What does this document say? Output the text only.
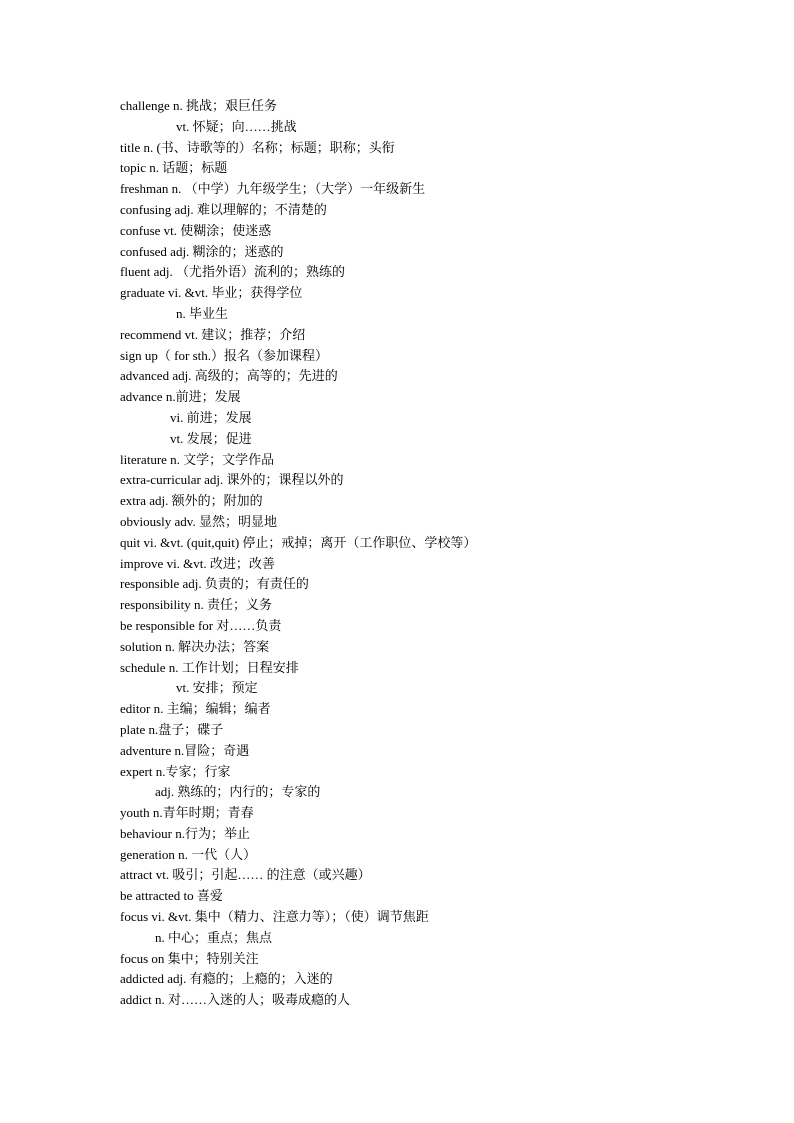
challenge n. 挑战；艰巨任务
vt. 怀疑；向……挑战
title n. (书、诗歌等的）名称；标题；职称；头衔
topic n. 话题；标题
freshman n. （中学）九年级学生；（大学）一年级新生
confusing adj. 难以理解的；不清楚的
confuse vt. 使糊涂；使迷惑
confused adj. 糊涂的；迷惑的
fluent adj. （尤指外语）流利的；熟练的
graduate vi. &vt. 毕业；获得学位
n. 毕业生
recommend vt. 建议；推荐；介绍
sign up（ for sth.）报名（参加课程）
advanced adj. 高级的；高等的；先进的
advance n.前进；发展
vi. 前进；发展
vt. 发展；促进
literature n. 文学；文学作品
extra-curricular adj. 课外的；课程以外的
extra adj. 额外的；附加的
obviously adv. 显然；明显地
quit vi. &vt. (quit,quit) 停止；戒掉；离开（工作职位、学校等）
improve vi. &vt. 改进；改善
responsible adj. 负责的；有责任的
responsibility n. 责任；义务
be responsible for 对……负责
solution n. 解决办法；答案
schedule n. 工作计划；日程安排
vt. 安排；预定
editor n. 主编；编辑；编者
plate n.盘子；碟子
adventure n.冒险；奇遇
expert n.专家；行家
adj. 熟练的；内行的；专家的
youth n.青年时期；青春
behaviour n.行为；举止
generation n. 一代（人）
attract vt. 吸引；引起…… 的注意（或兴趣）
be attracted to 喜爱
focus vi. &vt. 集中（精力、注意力等）；（使）调节焦距
n. 中心；重点；焦点
focus on 集中；特别关注
addicted adj. 有瘾的；上瘾的；入迷的
addict n. 对……入迷的人；吸毒成瘾的人
